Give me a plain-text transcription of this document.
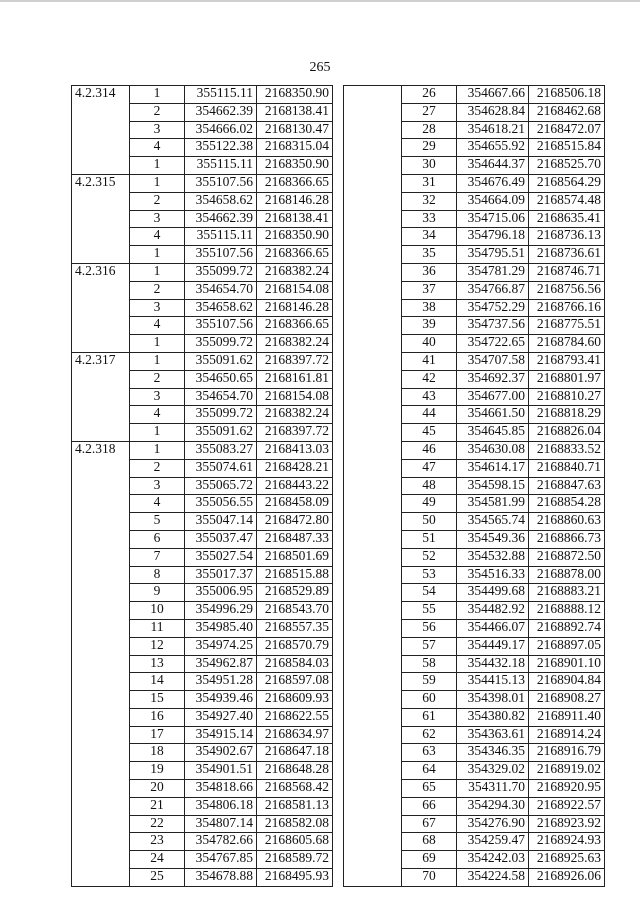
265
4.2.314	1	355115.11	2168350.90
	2	354662.39	2168138.41
	3	354666.02	2168130.47
	4	355122.38	2168315.04
	1	355115.11	2168350.90
4.2.315	1	355107.56	2168366.65
	2	354658.62	2168146.28
	3	354662.39	2168138.41
	4	355115.11	2168350.90
	1	355107.56	2168366.65
4.2.316	1	355099.72	2168382.24
	2	354654.70	2168154.08
	3	354658.62	2168146.28
	4	355107.56	2168366.65
	1	355099.72	2168382.24
4.2.317	1	355091.62	2168397.72
	2	354650.65	2168161.81
	3	354654.70	2168154.08
	4	355099.72	2168382.24
	1	355091.62	2168397.72
4.2.318	1	355083.27	2168413.03
	2	355074.61	2168428.21
	3	355065.72	2168443.22
	4	355056.55	2168458.09
	5	355047.14	2168472.80
	6	355037.47	2168487.33
	7	355027.54	2168501.69
	8	355017.37	2168515.88
	9	355006.95	2168529.89
	10	354996.29	2168543.70
	11	354985.40	2168557.35
	12	354974.25	2168570.79
	13	354962.87	2168584.03
	14	354951.28	2168597.08
	15	354939.46	2168609.93
	16	354927.40	2168622.55
	17	354915.14	2168634.97
	18	354902.67	2168647.18
	19	354901.51	2168648.28
	20	354818.66	2168568.42
	21	354806.18	2168581.13
	22	354807.14	2168582.08
	23	354782.66	2168605.68
	24	354767.85	2168589.72
	25	354678.88	2168495.93
	26	354667.66	2168506.18
	27	354628.84	2168462.68
	28	354618.21	2168472.07
	29	354655.92	2168515.84
	30	354644.37	2168525.70
	31	354676.49	2168564.29
	32	354664.09	2168574.48
	33	354715.06	2168635.41
	34	354796.18	2168736.13
	35	354795.51	2168736.61
	36	354781.29	2168746.71
	37	354766.87	2168756.56
	38	354752.29	2168766.16
	39	354737.56	2168775.51
	40	354722.65	2168784.60
	41	354707.58	2168793.41
	42	354692.37	2168801.97
	43	354677.00	2168810.27
	44	354661.50	2168818.29
	45	354645.85	2168826.04
	46	354630.08	2168833.52
	47	354614.17	2168840.71
	48	354598.15	2168847.63
	49	354581.99	2168854.28
	50	354565.74	2168860.63
	51	354549.36	2168866.73
	52	354532.88	2168872.50
	53	354516.33	2168878.00
	54	354499.68	2168883.21
	55	354482.92	2168888.12
	56	354466.07	2168892.74
	57	354449.17	2168897.05
	58	354432.18	2168901.10
	59	354415.13	2168904.84
	60	354398.01	2168908.27
	61	354380.82	2168911.40
	62	354363.61	2168914.24
	63	354346.35	2168916.79
	64	354329.02	2168919.02
	65	354311.70	2168920.95
	66	354294.30	2168922.57
	67	354276.90	2168923.92
	68	354259.47	2168924.93
	69	354242.03	2168925.63
	70	354224.58	2168926.06
